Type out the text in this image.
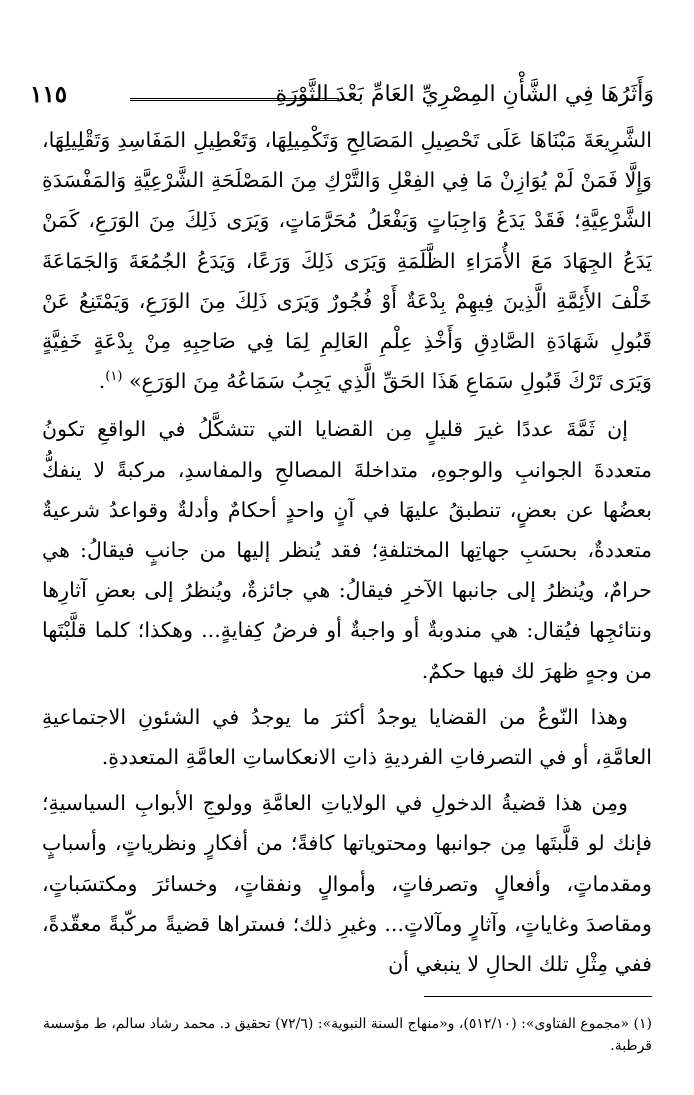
وَأَثَرُهَا فِي الشَّأْنِ المِصْرِيِّ العَامِّ بَعْدَ الثَّوْرَةِ
١١٥

الشَّرِيعَةَ مَبْنَاهَا عَلَى تَحْصِيلِ المَصَالِحِ وَتَكْمِيلِهَا، وَتَعْطِيلِ المَفَاسِدِ وَتَقْلِيلِهَا، وَإِلَّا فَمَنْ لَمْ يُوَازِنْ مَا فِي الفِعْلِ وَالتَّرْكِ مِنَ المَصْلَحَةِ الشَّرْعِيَّةِ وَالمَفْسَدَةِ الشَّرْعِيَّةِ؛ فَقَدْ يَدَعُ وَاجِبَاتٍ وَيَفْعَلُ مُحَرَّمَاتٍ، وَيَرَى ذَلِكَ مِنَ الوَرَعِ، كَمَنْ يَدَعُ الجِهَادَ مَعَ الأُمَرَاءِ الظَّلَمَةِ وَيَرَى ذَلِكَ وَرَعًا، وَيَدَعُ الجُمُعَةَ وَالجَمَاعَةَ خَلْفَ الأَئِمَّةِ الَّذِينَ فِيهِمْ بِدْعَةٌ أَوْ فُجُورٌ وَيَرَى ذَلِكَ مِنَ الوَرَعِ، وَيَمْتَنِعُ عَنْ قَبُولِ شَهَادَةِ الصَّادِقِ وَأَخْذِ عِلْمِ العَالِمِ لِمَا فِي صَاحِبِهِ مِنْ بِدْعَةٍ خَفِيَّةٍ وَيَرَى تَرْكَ قَبُولِ سَمَاعِ هَذَا الحَقِّ الَّذِي يَجِبُ سَمَاعُهُ مِنَ الوَرَعِ» $^{(١)}$.

إن ثَمَّةَ عددًا غيرَ قليلٍ مِن القضايا التي تتشكَّلُ في الواقعِ تكونُ متعددةَ الجوانبِ والوجوهِ، متداخلةَ المصالحِ والمفاسدِ، مركبةً لا ينفكُّ بعضُها عن بعضٍ، تنطبقُ عليهَا في آنٍ واحدٍ أحكامٌ وأدلةٌ وقواعدُ شرعيةٌ متعددةٌ، بحسَبِ جهاتِها المختلفةِ؛ فقد يُنظر إليها من جانبٍ فيقالُ: هي حرامٌ، ويُنظرُ إلى جانبها الآخرِ فيقالُ: هي جائزةٌ، ويُنظرُ إلى بعضِ آثارِها ونتائجِها فيُقال: هي مندوبةٌ أو واجبةٌ أو فرضُ كِفايةٍ... وهكذا؛ كلما قلَّبْتَها من وجهٍ ظهرَ لك فيها حكمٌ.

وهذا النّوعُ من القضايا يوجدُ أكثرَ ما يوجدُ في الشئونِ الاجتماعيةِ العامَّةِ، أو في التصرفاتِ الفرديةِ ذاتِ الانعكاساتِ العامَّةِ المتعددةِ.

ومِن هذا قضيةُ الدخولِ في الولاياتِ العامَّةِ وولوجِ الأبوابِ السياسيةِ؛ فإنك لو قلَّبتَها مِن جوانبها ومحتوياتها كافةً؛ من أفكارٍ ونظرياتٍ، وأسبابٍ ومقدماتٍ، وأفعالٍ وتصرفاتٍ، وأموالٍ ونفقاتٍ، وخسائرَ ومكتسَباتٍ، ومقاصدَ وغاياتٍ، وآثارٍ ومآلاتٍ... وغيرِ ذلك؛ فستراها قضيةً مركّبةً معقّدةً، ففي مِثْلِ تلك الحالِ لا ينبغي أن

(١) «مجموع الفتاوى»: (٥١٢/١٠)، و«منهاج السنة النبوية»: (٧٢/٦) تحقيق د. محمد رشاد سالم، ط مؤسسة قرطبة.
